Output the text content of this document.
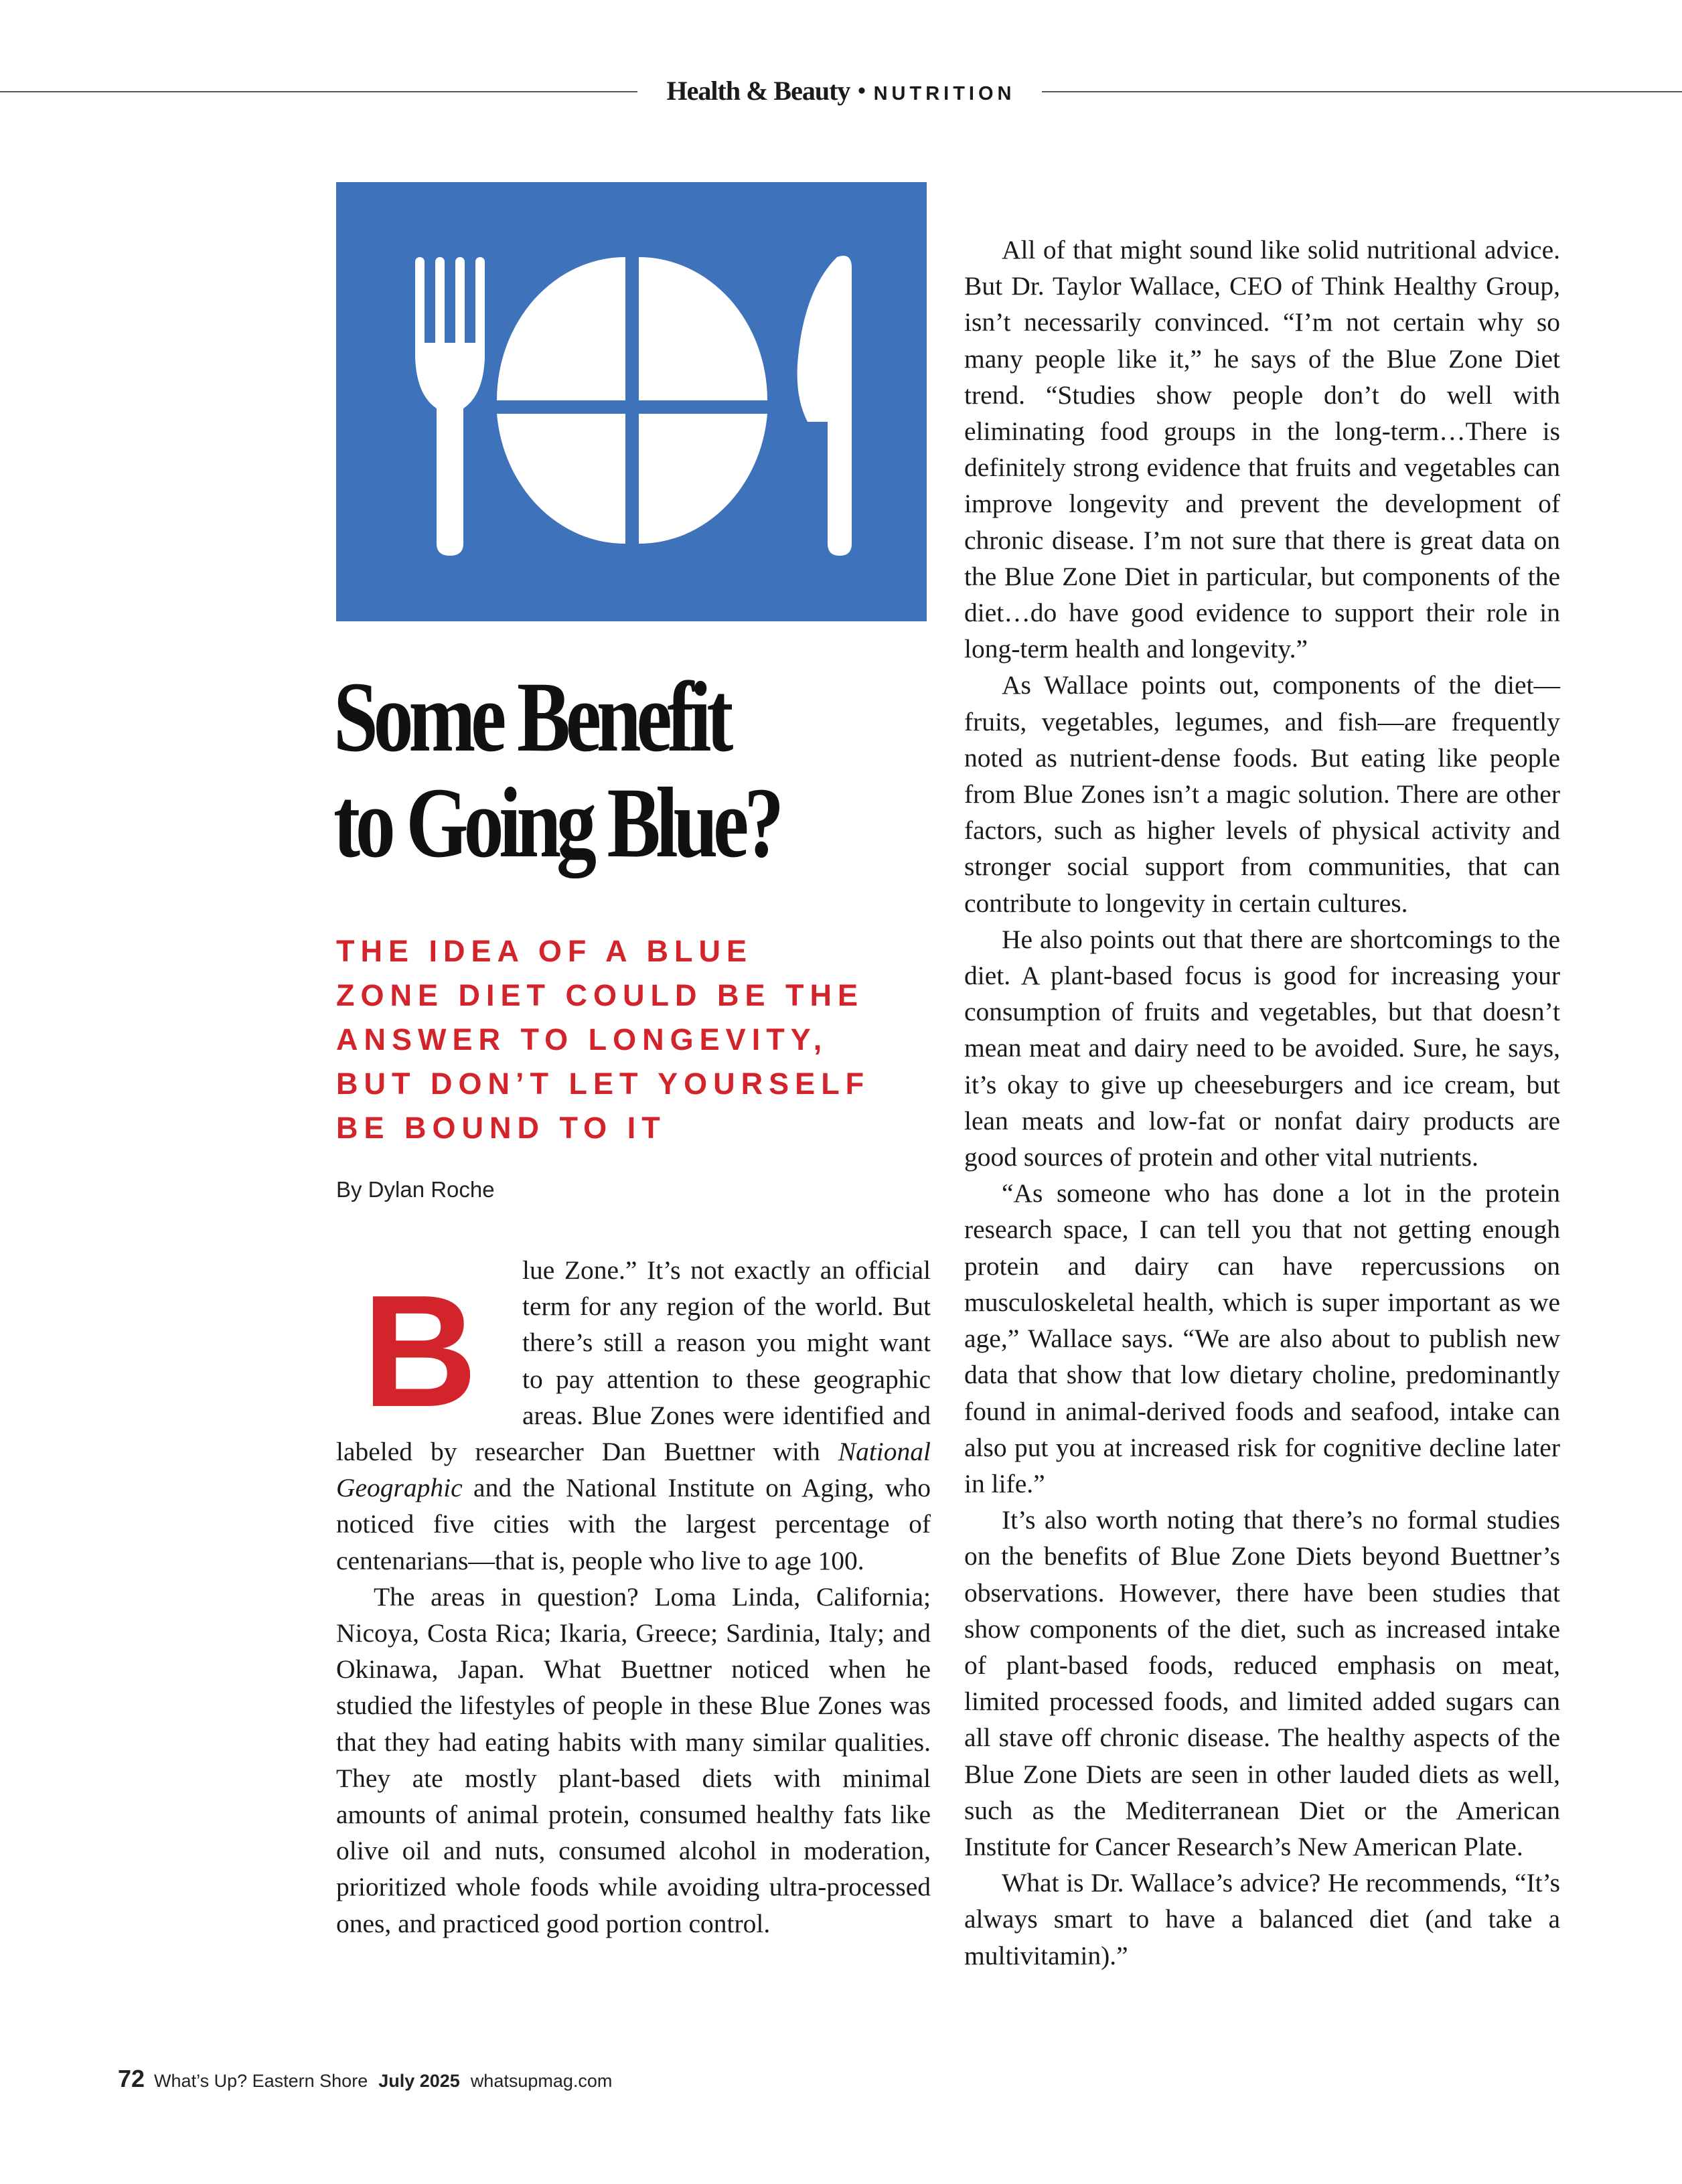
Health & Beauty • NUTRITION
Some Benefit
to Going Blue?

THE IDEA OF A BLUE
ZONE DIET COULD BE THE
ANSWER TO LONGEVITY,
BUT DON’T LET YOURSELF
BE BOUND TO IT

By Dylan Roche

B	lue Zone.” It’s not exactly an official term for any region of the world. But there’s still a reason you might want to pay attention to these geographic areas. Blue Zones were identified and labeled by researcher Dan Buettner with National Geographic and the National Institute on Aging, who noticed five cities with the largest percentage of centenarians—that is, people who live to age 100.

The areas in question? Loma Linda, California; Nicoya, Costa Rica; Ikaria, Greece; Sardinia, Italy; and Okinawa, Japan. What Buettner noticed when he studied the lifestyles of people in these Blue Zones was that they had eating habits with many similar qualities. They ate mostly plant-based diets with minimal amounts of animal protein, consumed healthy fats like olive oil and nuts, consumed alcohol in moderation, prioritized whole foods while avoiding ultra-processed ones, and practiced good portion control.

All of that might sound like solid nutritional advice. But Dr. Taylor Wallace, CEO of Think Healthy Group, isn’t necessarily convinced. “I’m not certain why so many people like it,” he says of the Blue Zone Diet trend. “Studies show people don’t do well with eliminating food groups in the long-term…There is definitely strong evidence that fruits and vegetables can improve longevity and prevent the development of chronic disease. I’m not sure that there is great data on the Blue Zone Diet in particular, but components of the diet…do have good evidence to support their role in long-term health and longevity.”

As Wallace points out, components of the diet—fruits, vegetables, legumes, and fish—are frequently noted as nutrient-dense foods. But eating like people from Blue Zones isn’t a magic solution. There are other factors, such as higher levels of physical activity and stronger social support from communities, that can contribute to longevity in certain cultures.

He also points out that there are shortcomings to the diet. A plant-based focus is good for increasing your consumption of fruits and vegetables, but that doesn’t mean meat and dairy need to be avoided. Sure, he says, it’s okay to give up cheeseburgers and ice cream, but lean meats and low-fat or nonfat dairy products are good sources of protein and other vital nutrients.

“As someone who has done a lot in the protein research space, I can tell you that not getting enough protein and dairy can have repercussions on musculoskeletal health, which is super important as we age,” Wallace says. “We are also about to publish new data that show that low dietary choline, predominantly found in animal-derived foods and seafood, intake can also put you at increased risk for cognitive decline later in life.”

It’s also worth noting that there’s no formal studies on the benefits of Blue Zone Diets beyond Buettner’s observations. However, there have been studies that show components of the diet, such as increased intake of plant-based foods, reduced emphasis on meat, limited processed foods, and limited added sugars can all stave off chronic disease. The healthy aspects of the Blue Zone Diets are seen in other lauded diets as well, such as the Mediterranean Diet or the American Institute for Cancer Research’s New American Plate.

What is Dr. Wallace’s advice? He recommends, “It’s always smart to have a balanced diet (and take a multivitamin).”

72 What’s Up? Eastern Shore July 2025 whatsupmag.com
